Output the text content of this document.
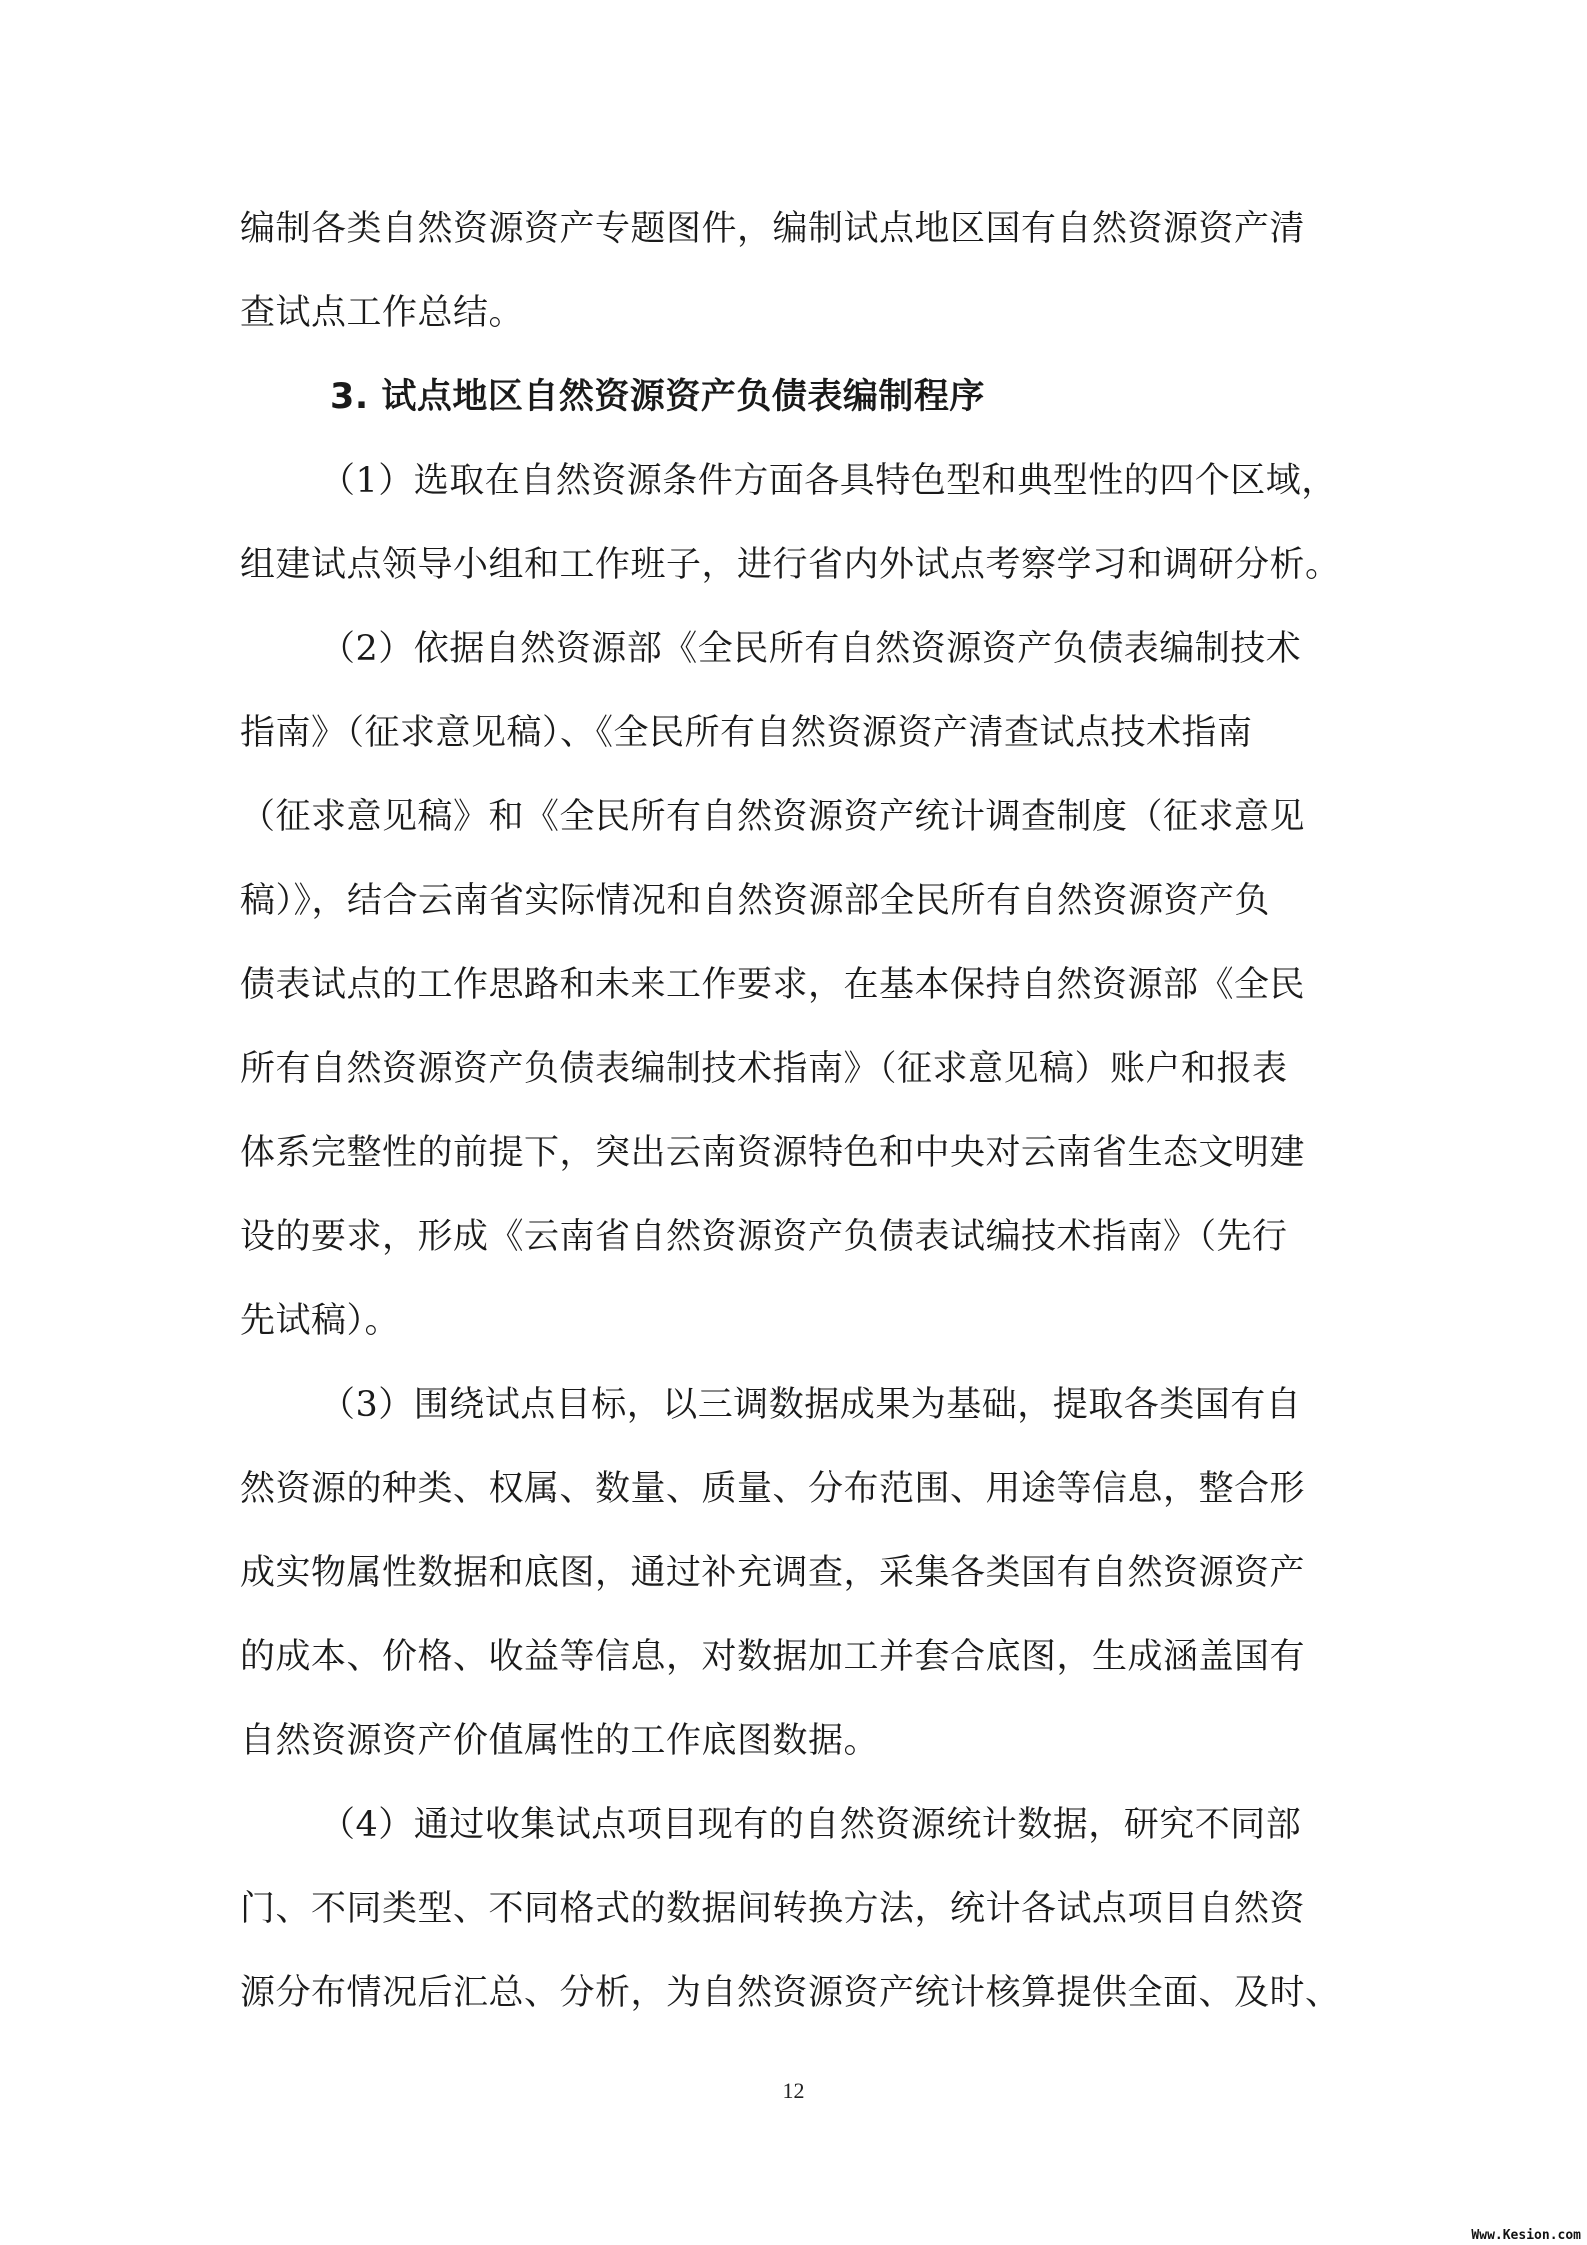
编制各类自然资源资产专题图件，编制试点地区国有自然资源资产清
查试点工作总结。
3. 试点地区自然资源资产负债表编制程序
（1）选取在自然资源条件方面各具特色型和典型性的四个区域，
组建试点领导小组和工作班子，进行省内外试点考察学习和调研分析。
（2）依据自然资源部《全民所有自然资源资产负债表编制技术
指南》（征求意见稿）、《全民所有自然资源资产清查试点技术指南
（征求意见稿》和《全民所有自然资源资产统计调查制度（征求意见
稿）》，结合云南省实际情况和自然资源部全民所有自然资源资产负
债表试点的工作思路和未来工作要求，在基本保持自然资源部《全民
所有自然资源资产负债表编制技术指南》（征求意见稿）账户和报表
体系完整性的前提下，突出云南资源特色和中央对云南省生态文明建
设的要求，形成《云南省自然资源资产负债表试编技术指南》（先行
先试稿）。
（3）围绕试点目标，以三调数据成果为基础，提取各类国有自
然资源的种类、权属、数量、质量、分布范围、用途等信息，整合形
成实物属性数据和底图，通过补充调查，采集各类国有自然资源资产
的成本、价格、收益等信息，对数据加工并套合底图，生成涵盖国有
自然资源资产价值属性的工作底图数据。
（4）通过收集试点项目现有的自然资源统计数据，研究不同部
门、不同类型、不同格式的数据间转换方法，统计各试点项目自然资
源分布情况后汇总、分析，为自然资源资产统计核算提供全面、及时、
12
Www.Kesion.com
